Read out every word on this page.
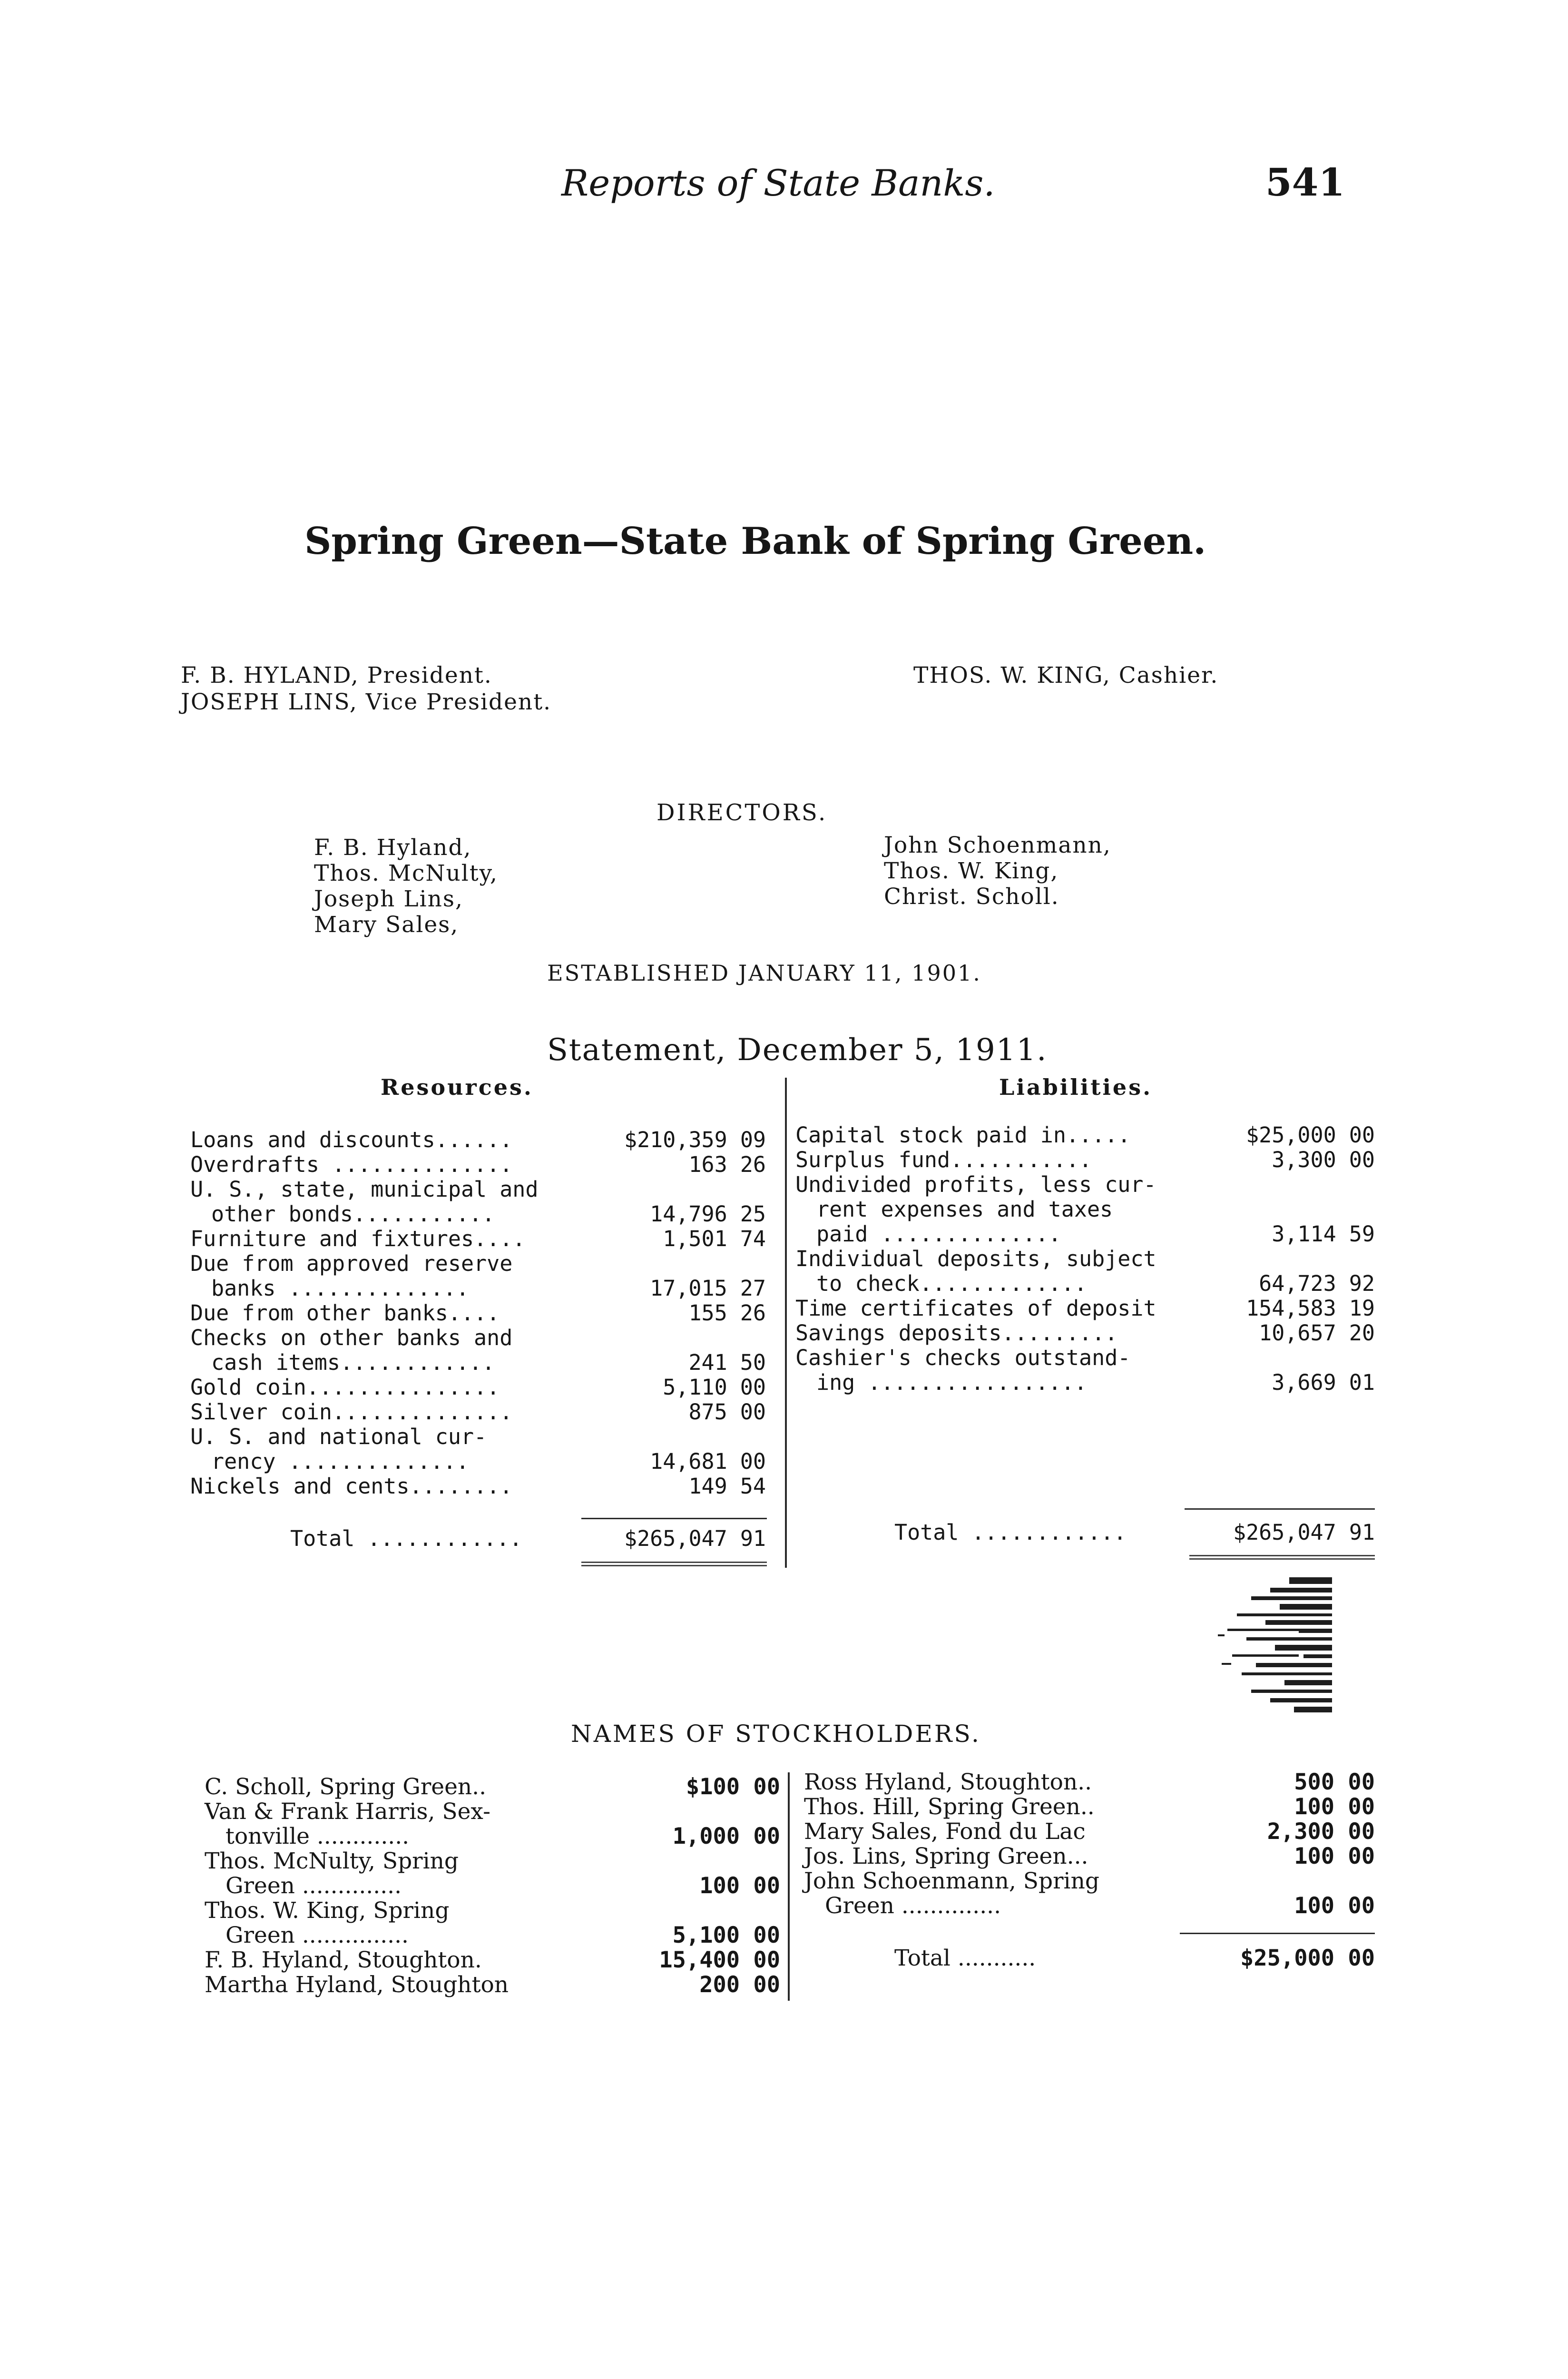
Reports of State Banks.	541
Spring Green—State Bank of Spring Green.
F. B. HYLAND, President.
JOSEPH LINS, Vice President.
THOS. W. KING, Cashier.
DIRECTORS.
F. B. Hyland,
Thos. McNulty,
Joseph Lins,
Mary Sales,
John Schoenmann,
Thos. W. King,
Christ. Scholl.
ESTABLISHED JANUARY 11, 1901.
Statement, December 5, 1911.
Resources.	Liabilities.
Loans and discounts......	$210,359 09
Overdrafts ..............	163 26
U. S., state, municipal and
other bonds...........	14,796 25
Furniture and fixtures....	1,501 74
Due from approved reserve
banks ..............	17,015 27
Due from other banks....	155 26
Checks on other banks and
cash items............	241 50
Gold coin...............	5,110 00
Silver coin..............	875 00
U. S. and national cur-
rency ..............	14,681 00
Nickels and cents........	149 54
Total ............	$265,047 91
Capital stock paid in.....	$25,000 00
Surplus fund...........	3,300 00
Undivided profits, less cur-
rent expenses and taxes
paid ..............	3,114 59
Individual deposits, subject
to check.............	64,723 92
Time certificates of deposit	154,583 19
Savings deposits.........	10,657 20
Cashier's checks outstand-
ing .................	3,669 01
Total ............	$265,047 91
NAMES OF STOCKHOLDERS.
C. Scholl, Spring Green..	$100 00
Van & Frank Harris, Sex-
tonville .............	1,000 00
Thos. McNulty, Spring
Green ..............	100 00
Thos. W. King, Spring
Green ...............	5,100 00
F. B. Hyland, Stoughton.	15,400 00
Martha Hyland, Stoughton	200 00
Ross Hyland, Stoughton..	500 00
Thos. Hill, Spring Green..	100 00
Mary Sales, Fond du Lac	2,300 00
Jos. Lins, Spring Green...	100 00
John Schoenmann, Spring
Green ..............	100 00
Total ...........	$25,000 00
